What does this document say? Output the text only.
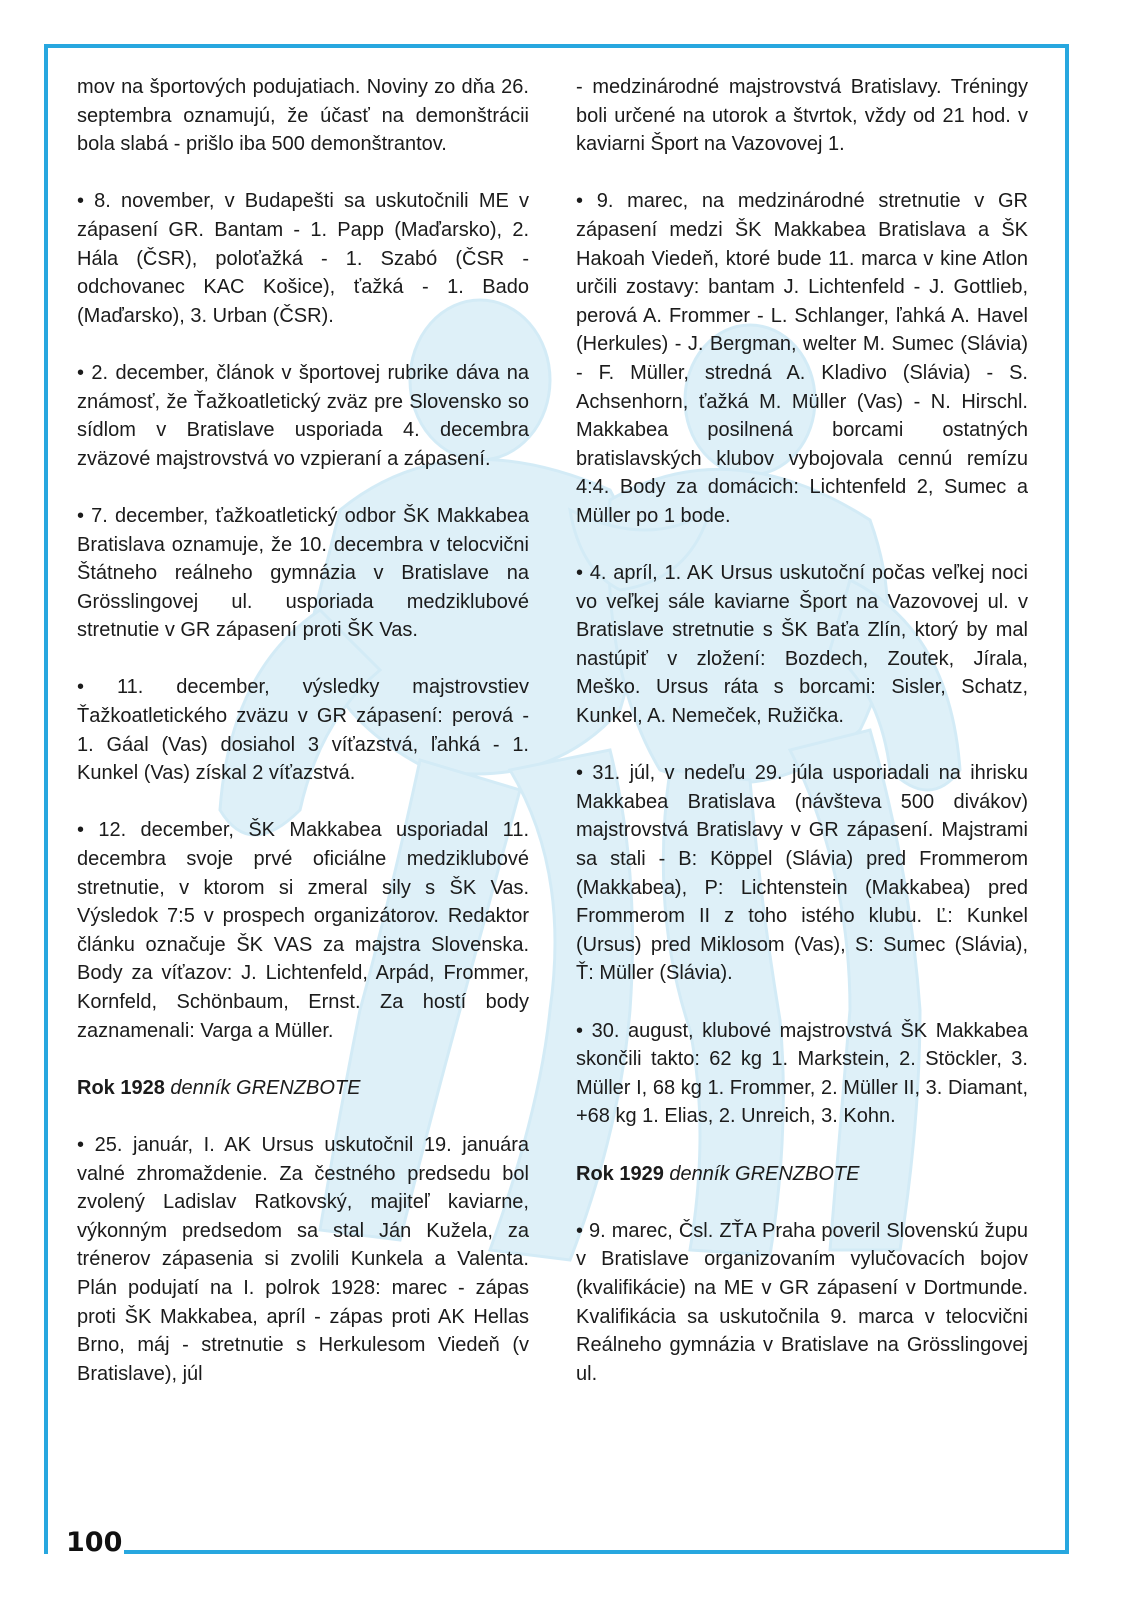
100

mov na športových podujatiach. Noviny zo dňa 26. septembra oznamujú, že účasť na demonštrácii bola slabá - prišlo iba 500 demonštrantov.

• 8. november, v Budapešti sa uskutočnili ME v zápasení GR. Bantam - 1. Papp (Maďarsko), 2. Hála (ČSR), poloťažká - 1. Szabó (ČSR - odchovanec KAC Košice), ťažká - 1. Bado (Maďarsko), 3. Urban (ČSR).

• 2. december, článok v športovej rubrike dáva na známosť, že Ťažkoatletický zväz pre Slovensko so sídlom v Bratislave usporiada 4. decembra zväzové majstrovstvá vo vzpieraní a zápasení.

• 7. december, ťažkoatletický odbor ŠK Makkabea Bratislava oznamuje, že 10. decembra v telocvični Štátneho reálneho gymnázia v Bratislave na Grösslingovej ul. usporiada medziklubové stretnutie v GR zápasení proti ŠK Vas.

• 11. december, výsledky majstrovstiev Ťažkoatletického zväzu v GR zápasení: perová - 1. Gáal (Vas) dosiahol 3 víťazstvá, ľahká - 1. Kunkel (Vas) získal 2 víťazstvá.

• 12. december, ŠK Makkabea usporiadal 11. decembra svoje prvé oficiálne medziklubové stretnutie, v ktorom si zmeral sily s ŠK Vas. Výsledok 7:5 v prospech organizátorov. Redaktor článku označuje ŠK VAS za majstra Slovenska. Body za víťazov: J. Lichtenfeld, Arpád, Frommer, Kornfeld, Schönbaum, Ernst. Za hostí body zaznamenali: Varga a Müller.

Rok 1928 denník GRENZBOTE

• 25. január, I. AK Ursus uskutočnil 19. januára valné zhromaždenie. Za čestného predsedu bol zvolený Ladislav Ratkovský, majiteľ kaviarne, výkonným predsedom sa stal Ján Kužela, za trénerov zápasenia si zvolili Kunkela a Valenta. Plán podujatí na I. polrok 1928: marec - zápas proti ŠK Makkabea, apríl - zápas proti AK Hellas Brno, máj - stretnutie s Herkulesom Viedeň (v Bratislave), júl

- medzinárodné majstrovstvá Bratislavy. Tréningy boli určené na utorok a štvrtok, vždy od 21 hod. v kaviarni Šport na Vazovovej 1.

• 9. marec, na medzinárodné stretnutie v GR zápasení medzi ŠK Makkabea Bratislava a ŠK Hakoah Viedeň, ktoré bude 11. marca v kine Atlon určili zostavy: bantam J. Lichtenfeld - J. Gottlieb, perová A. Frommer - L. Schlanger, ľahká A. Havel (Herkules) - J. Bergman, welter M. Sumec (Slávia) - F. Müller, stredná A. Kladivo (Slávia) - S. Achsenhorn, ťažká M. Müller (Vas) - N. Hirschl. Makkabea posilnená borcami ostatných bratislavských klubov vybojovala cennú remízu 4:4. Body za domácich: Lichtenfeld 2, Sumec a Müller po 1 bode.

• 4. apríl, 1. AK Ursus uskutoční počas veľkej noci vo veľkej sále kaviarne Šport na Vazovovej ul. v Bratislave stretnutie s ŠK Baťa Zlín, ktorý by mal nastúpiť v zložení: Bozdech, Zoutek, Jírala, Meško. Ursus ráta s borcami: Sisler, Schatz, Kunkel, A. Nemeček, Ružička.

• 31. júl, v nedeľu 29. júla usporiadali na ihrisku Makkabea Bratislava (návšteva 500 divákov) majstrovstvá Bratislavy v GR zápasení. Majstrami sa stali - B: Köppel (Slávia) pred Frommerom (Makkabea), P: Lichtenstein (Makkabea) pred Frommerom II z toho istého klubu. Ľ: Kunkel (Ursus) pred Miklosom (Vas), S: Sumec (Slávia), Ť: Müller (Slávia).

• 30. august, klubové majstrovstvá ŠK Makkabea skončili takto: 62 kg 1. Markstein, 2. Stöckler, 3. Müller I, 68 kg 1. Frommer, 2. Müller II, 3. Diamant, +68 kg 1. Elias, 2. Unreich, 3. Kohn.

Rok 1929 denník GRENZBOTE

• 9. marec, Čsl. ZŤA Praha poveril Slovenskú župu v Bratislave organizovaním vylučovacích bojov (kvalifikácie) na ME v GR zápasení v Dortmunde. Kvalifikácia sa uskutočnila 9. marca v telocvični Reálneho gymnázia v Bratislave na Grösslingovej ul.
